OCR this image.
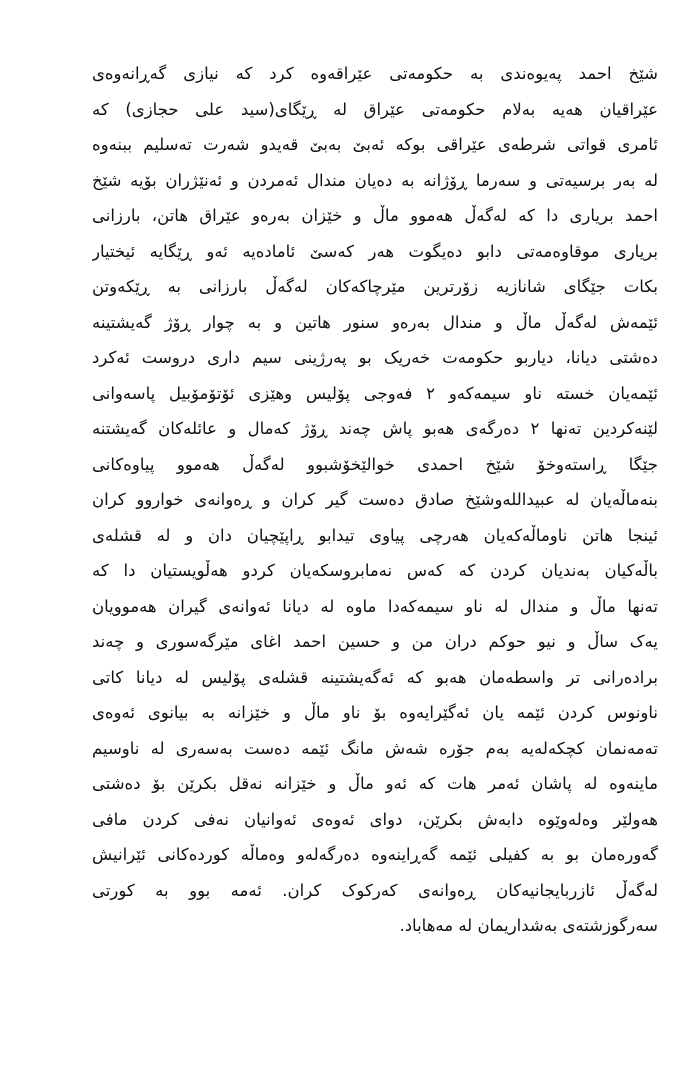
شێخ احمد پەیوەندی بە حکومەتی عێراقەوە کرد کە نیازی گەڕانەوەی
عێراقیان هەیە بەلام حکومەتی عێراق لە ڕێگای(سید علی حجازی) کە
ئامری قواتی شرطەی عێراقی بوکە ئەبێ بەبێ قەیدو شەرت تەسلیم ببنەوە
لە بەر برسیەتی و سەرما ڕۆژانە بە دەیان مندال ئەمردن و ئەنێژران بۆیە شێخ
احمد بریاری دا کە لەگەڵ هەموو ماڵ و خێزان بەرەو عێراق هاتن، بارزانی
بریاری موقاوەمەتی دابو دەیگوت هەر کەسێ ئامادەیە ئەو ڕێگایە ئیختیار
بکات جێگای شانازیە زۆرترین مێرچاکەکان لەگەڵ بارزانی بە ڕێکەوتن
ئێمەش لەگەڵ ماڵ و مندال بەرەو سنور هاتین و بە چوار ڕۆژ گەیشتینە
دەشتی دیانا، دیاربو حکومەت خەریک بو پەرژینی سیم داری دروست ئەکرد
ئێمەیان خستە ناو سیمەکەو ٢ فەوجی پۆلیس وهێزی ئۆتۆمۆبیل پاسەوانی
لێنەکردین تەنها ٢ دەرگەی هەبو پاش چەند ڕۆژ کەمال و عائلەکان گەیشتنە
جێگا ڕاستەوخۆ شێخ احمدی خوالێخۆشبوو لەگەڵ هەموو پیاوەکانی
بنەماڵەیان لە عبیداللەوشێخ صادق دەست گیر کران و ڕەوانەی خواروو کران
ئینجا هاتن ناوماڵەکەیان هەرچی پیاوی تیدابو ڕاپێچیان دان و لە قشلەی
باڵەکیان بەندیان کردن کە کەس نەمابروسکەیان کردو هەڵویستیان دا کە
تەنها ماڵ و مندال لە ناو سیمەکەدا ماوە لە دیانا ئەوانەی گیران هەموویان
یەک ساڵ و نیو حوکم دران من و حسین احمد اغای مێرگەسوری و چەند
برادەرانی تر واسطەمان هەبو کە ئەگەیشتینە قشلەی پۆلیس لە دیانا کاتی
ناونوس کردن ئێمە یان ئەگێرایەوە بۆ ناو ماڵ و خێزانە بە بیانوی ئەوەی
تەمەنمان کچکەلەیە بەم جۆرە شەش مانگ ئێمە دەست بەسەری لە ناوسیم
ماینەوە لە پاشان ئەمر هات کە ئەو ماڵ و خێزانە نەقل بکرێن بۆ دەشتی
هەولێر وەلەوێوە دابەش بکرێن، دوای ئەوەی ئەوانیان نەفی کردن مافی
گەورەمان بو بە کفیلی ئێمە گەڕاینەوە دەرگەلەو وەماڵە کوردەکانی ئێرانیش
لەگەڵ ئازربایجانیەکان ڕەوانەی کەرکوک کران. ئەمە بوو بە کورتی
سەرگوزشتەی بەشداریمان لە مەهاباد.
